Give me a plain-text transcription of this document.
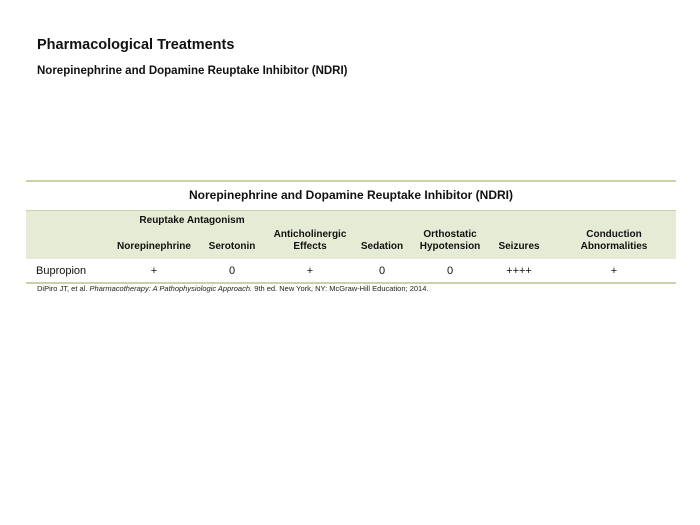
Pharmacological Treatments
Norepinephrine and Dopamine Reuptake Inhibitor (NDRI)
Norepinephrine and Dopamine Reuptake Inhibitor (NDRI)
	Reuptake Antagonism		Anticholinergic Effects	Sedation	Orthostatic Hypotension	Seizures	Conduction Abnormalities
	Norepinephrine	Serotonin					
Bupropion	+	0	+	0	0	++++	+
DiPiro JT, et al. Pharmacotherapy: A Pathophysiologic Approach. 9th ed. New York, NY: McGraw-Hill Education; 2014.
